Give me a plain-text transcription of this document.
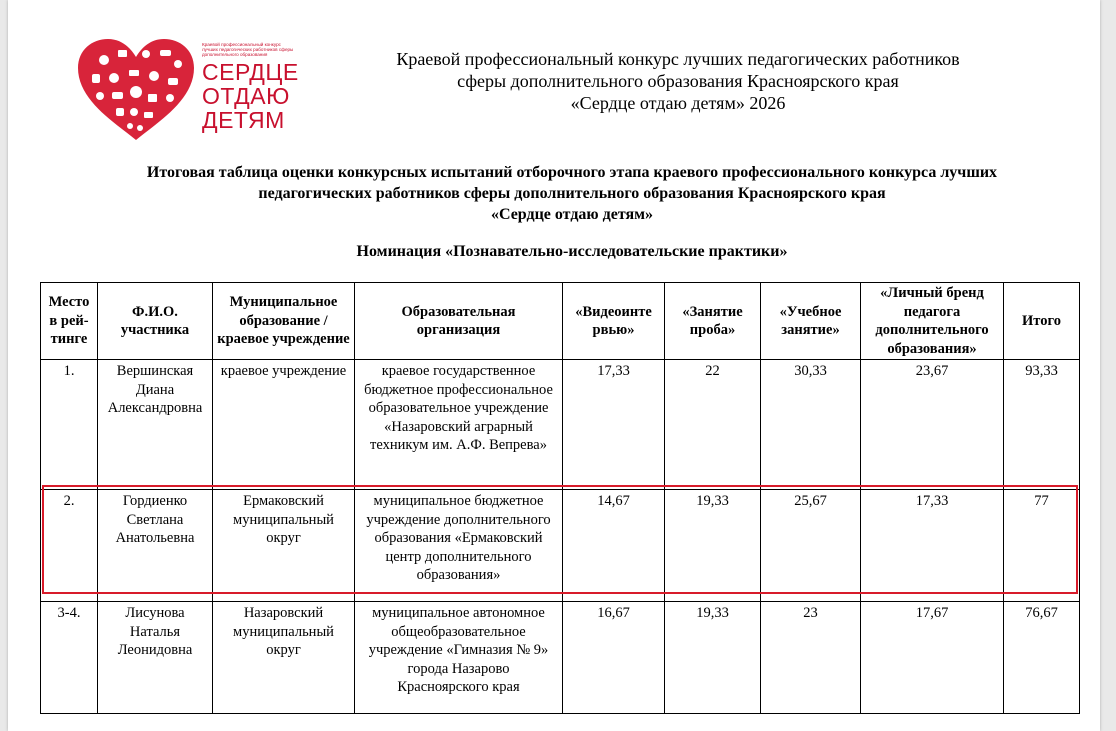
Краевой профессиональный конкурс лучших педагогических работников сферы дополнительного образования
СЕРДЦЕ
ОТДАЮ
ДЕТЯМ
Краевой профессиональный конкурс лучших педагогических работников
сферы дополнительного образования Красноярского края
«Сердце отдаю детям» 2026
Итоговая таблица оценки конкурсных испытаний отборочного этапа краевого профессионального конкурса лучших
педагогических работников сферы дополнительного образования Красноярского края
«Сердце отдаю детям»
Номинация «Познавательно-исследовательские практики»
Место в рей-тинге	Ф.И.О. участника	Муниципальное образование / краевое учреждение	Образовательная организация	«Видеоинте рвью»	«Занятие проба»	«Учебное занятие»	«Личный бренд педагога дополнительного образования»	Итого
1.	Вершинская Диана Александровна	краевое учреждение	краевое государственное бюджетное профессиональное образовательное учреждение «Назаровский аграрный техникум им. А.Ф. Вепрева»	17,33	22	30,33	23,67	93,33
2.	Гордиенко Светлана Анатольевна	Ермаковский муниципальный округ	муниципальное бюджетное учреждение дополнительного образования «Ермаковский центр дополнительного образования»	14,67	19,33	25,67	17,33	77
3-4.	Лисунова Наталья Леонидовна	Назаровский муниципальный округ	муниципальное автономное общеобразовательное учреждение «Гимназия № 9» города Назарово Красноярского края	16,67	19,33	23	17,67	76,67
